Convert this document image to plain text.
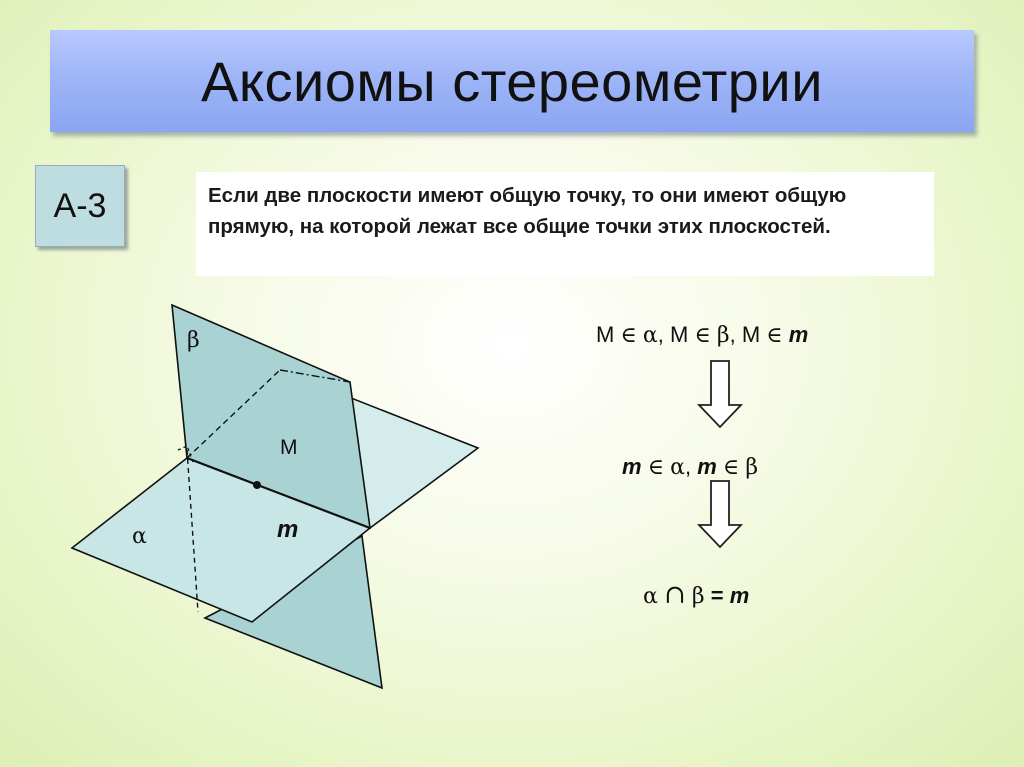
Аксиомы стереометрии
А-3	Если две плоскости имеют общую точку, то они имеют общую прямую, на которой лежат все общие точки этих плоскостей.
β
α
М
m
М ∈ α, М ∈ β, М ∈ m
m ∈ α, m ∈ β
α ∩ β = m
